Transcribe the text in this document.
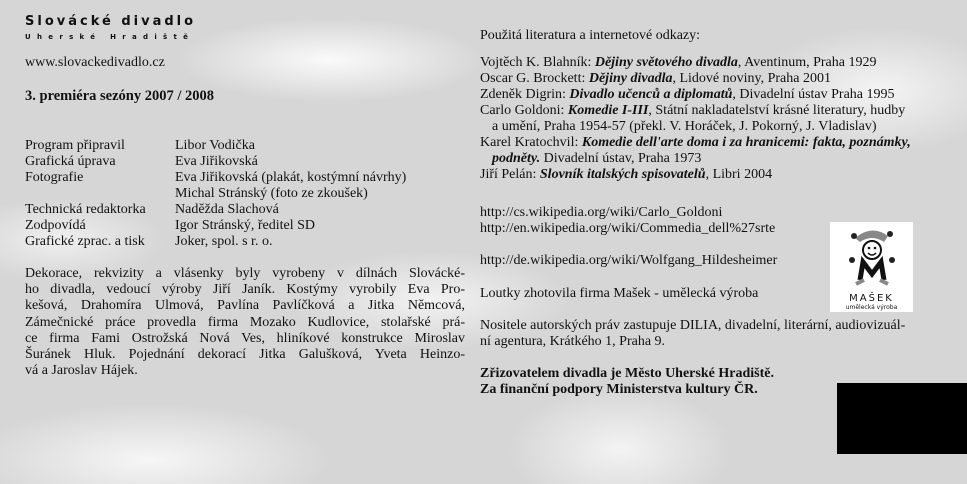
Slovácké divadlo
Uherské Hradiště
www.slovackedivadlo.cz
3. premiéra sezóny 2007 / 2008
Program připravil	Libor Vodička
Grafická úprava	Eva Jiřikovská
Fotografie	Eva Jiřikovská (plakát, kostýmní návrhy)
Michal Stránský (foto ze zkoušek)
Technická redaktorka	Naděžda Slachová
Zodpovídá	Igor Stránský, ředitel SD
Grafické zprac. a tisk	Joker, spol. s r. o.
Dekorace, rekvizity a vlásenky byly vyrobeny v dílnách Slovácké-
ho divadla, vedoucí výroby Jiří Janík. Kostýmy vyrobily Eva Pro-
kešová, Drahomíra Ulmová, Pavlína Pavlíčková a Jitka Němcová,
Zámečnické práce provedla firma Mozako Kudlovice, stolařské prá-
ce firma Fami Ostrožská Nová Ves, hliníkové konstrukce Miroslav
Šuránek Hluk. Pojednání dekorací Jitka Galušková, Yveta Heinzo-
vá a Jaroslav Hájek.
Použitá literatura a internetové odkazy:
Vojtěch K. Blahník: Dějiny světového divadla, Aventinum, Praha 1929
Oscar G. Brockett: Dějiny divadla, Lidové noviny, Praha 2001
Zdeněk Digrin: Divadlo učenců a diplomatů, Divadelní ústav Praha 1995
Carlo Goldoni: Komedie I-III, Státní nakladatelství krásné literatury, hudby
a umění, Praha 1954-57 (překl. V. Horáček, J. Pokorný, J. Vladislav)
Karel Kratochvil: Komedie dell'arte doma i za hranicemi: fakta, poznámky,
podněty. Divadelní ústav, Praha 1973
Jiří Pelán: Slovník italských spisovatelů, Libri 2004
http://cs.wikipedia.org/wiki/Carlo_Goldoni
http://en.wikipedia.org/wiki/Commedia_dell%27srte
http://de.wikipedia.org/wiki/Wolfgang_Hildesheimer
Loutky zhotovila firma Mašek - umělecká výroba
Nositele autorských práv zastupuje DILIA, divadelní, literární, audiovizuál-
ní agentura, Krátkého 1, Praha 9.
Zřizovatelem divadla je Město Uherské Hradiště.
Za finanční podpory Ministerstva kultury ČR.
MAŠEK
umělecká výroba
